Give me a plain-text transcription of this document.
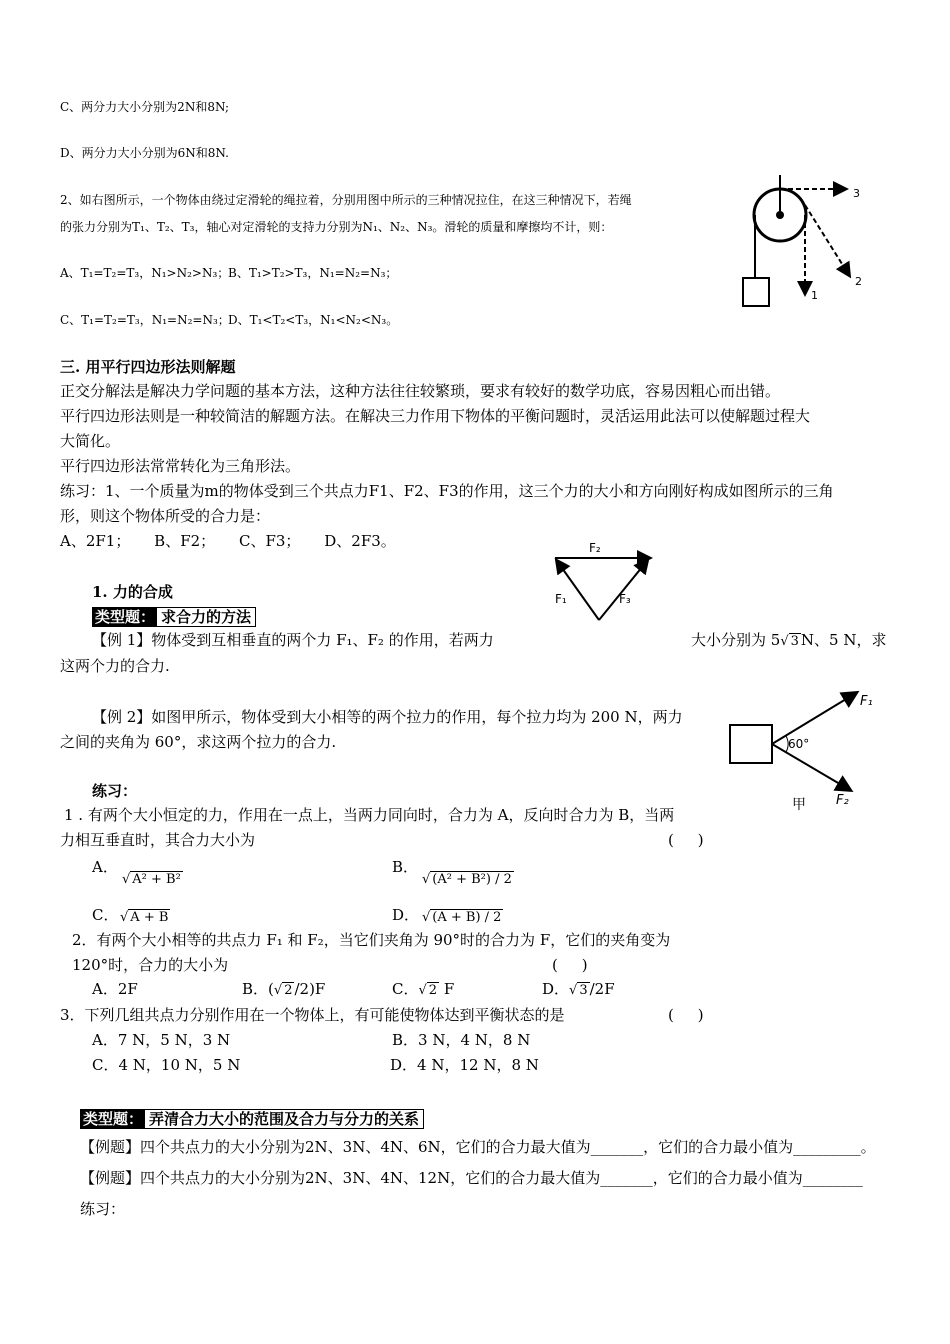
C、两分力大小分别为2N和8N;
D、两分力大小分别为6N和8N.
2、如右图所示，一个物体由绕过定滑轮的绳拉着，分别用图中所示的三种情况拉住，在这三种情况下，若绳
的张力分别为T₁、T₂、T₃，轴心对定滑轮的支持力分别为N₁、N₂、N₃。滑轮的质量和摩擦均不计，则：
A、T₁=T₂=T₃，N₁>N₂>N₃；
B、T₁>T₂>T₃，N₁=N₂=N₃；
C、T₁=T₂=T₃，N₁=N₂=N₃；
D、T₁<T₂<T₃，N₁<N₂<N₃。
1
2
3
三. 用平行四边形法则解题
正交分解法是解决力学问题的基本方法，这种方法往往较繁琐，要求有较好的数学功底，容易因粗心而出错。
平行四边形法则是一种较简洁的解题方法。在解决三力作用下物体的平衡问题时，灵活运用此法可以使解题过程大
大简化。
平行四边形法常常转化为三角形法。
练习：1、一个质量为m的物体受到三个共点力F1、F2、F3的作用，这三个力的大小和方向刚好构成如图所示的三角
形，则这个物体所受的合力是：
A、2F1；     B、F2；     C、F3；     D、2F3。	F₂
F₁	F₃
1. 力的合成
类型题： 求合力的方法
【例 1】物体受到互相垂直的两个力 F₁、F₂ 的作用，若两力	大小分别为 5√ 3 N、5 N，求
这两个力的合力.
【例 2】如图甲所示，物体受到大小相等的两个拉力的作用，每个拉力均为 200 N，两力
之间的夹角为 60°，求这两个拉力的合力.	60°
F₁
F₂
甲
练习：
1 . 有两个大小恒定的力，作用在一点上，当两力同向时，合力为 A，反向时合力为 B，当两
力相互垂直时，其合力大小为	(     )
A．
√ A² + B²
B．
√ (A² + B²) / 2
C． √ A + B	D． √ (A + B) / 2
2．有两个大小相等的共点力 F₁ 和 F₂，当它们夹角为 90°时的合力为 F，它们的夹角变为
120°时，合力的大小为	(     )
A．2F	B．(√ 2 /2)F	C．√ 2 F	D．√ 3 /2F
3．下列几组共点力分别作用在一个物体上，有可能使物体达到平衡状态的是	(     )
A．7 N，5 N，3 N	B．3 N，4 N，8 N
C．4 N，10 N，5 N	D．4 N，12 N，8 N
类型题： 弄清合力大小的范围及合力与分力的关系
【例题】四个共点力的大小分别为2N、3N、4N、6N，它们的合力最大值为_______，它们的合力最小值为_________。
【例题】四个共点力的大小分别为2N、3N、4N、12N，它们的合力最大值为_______，它们的合力最小值为________
练习：
